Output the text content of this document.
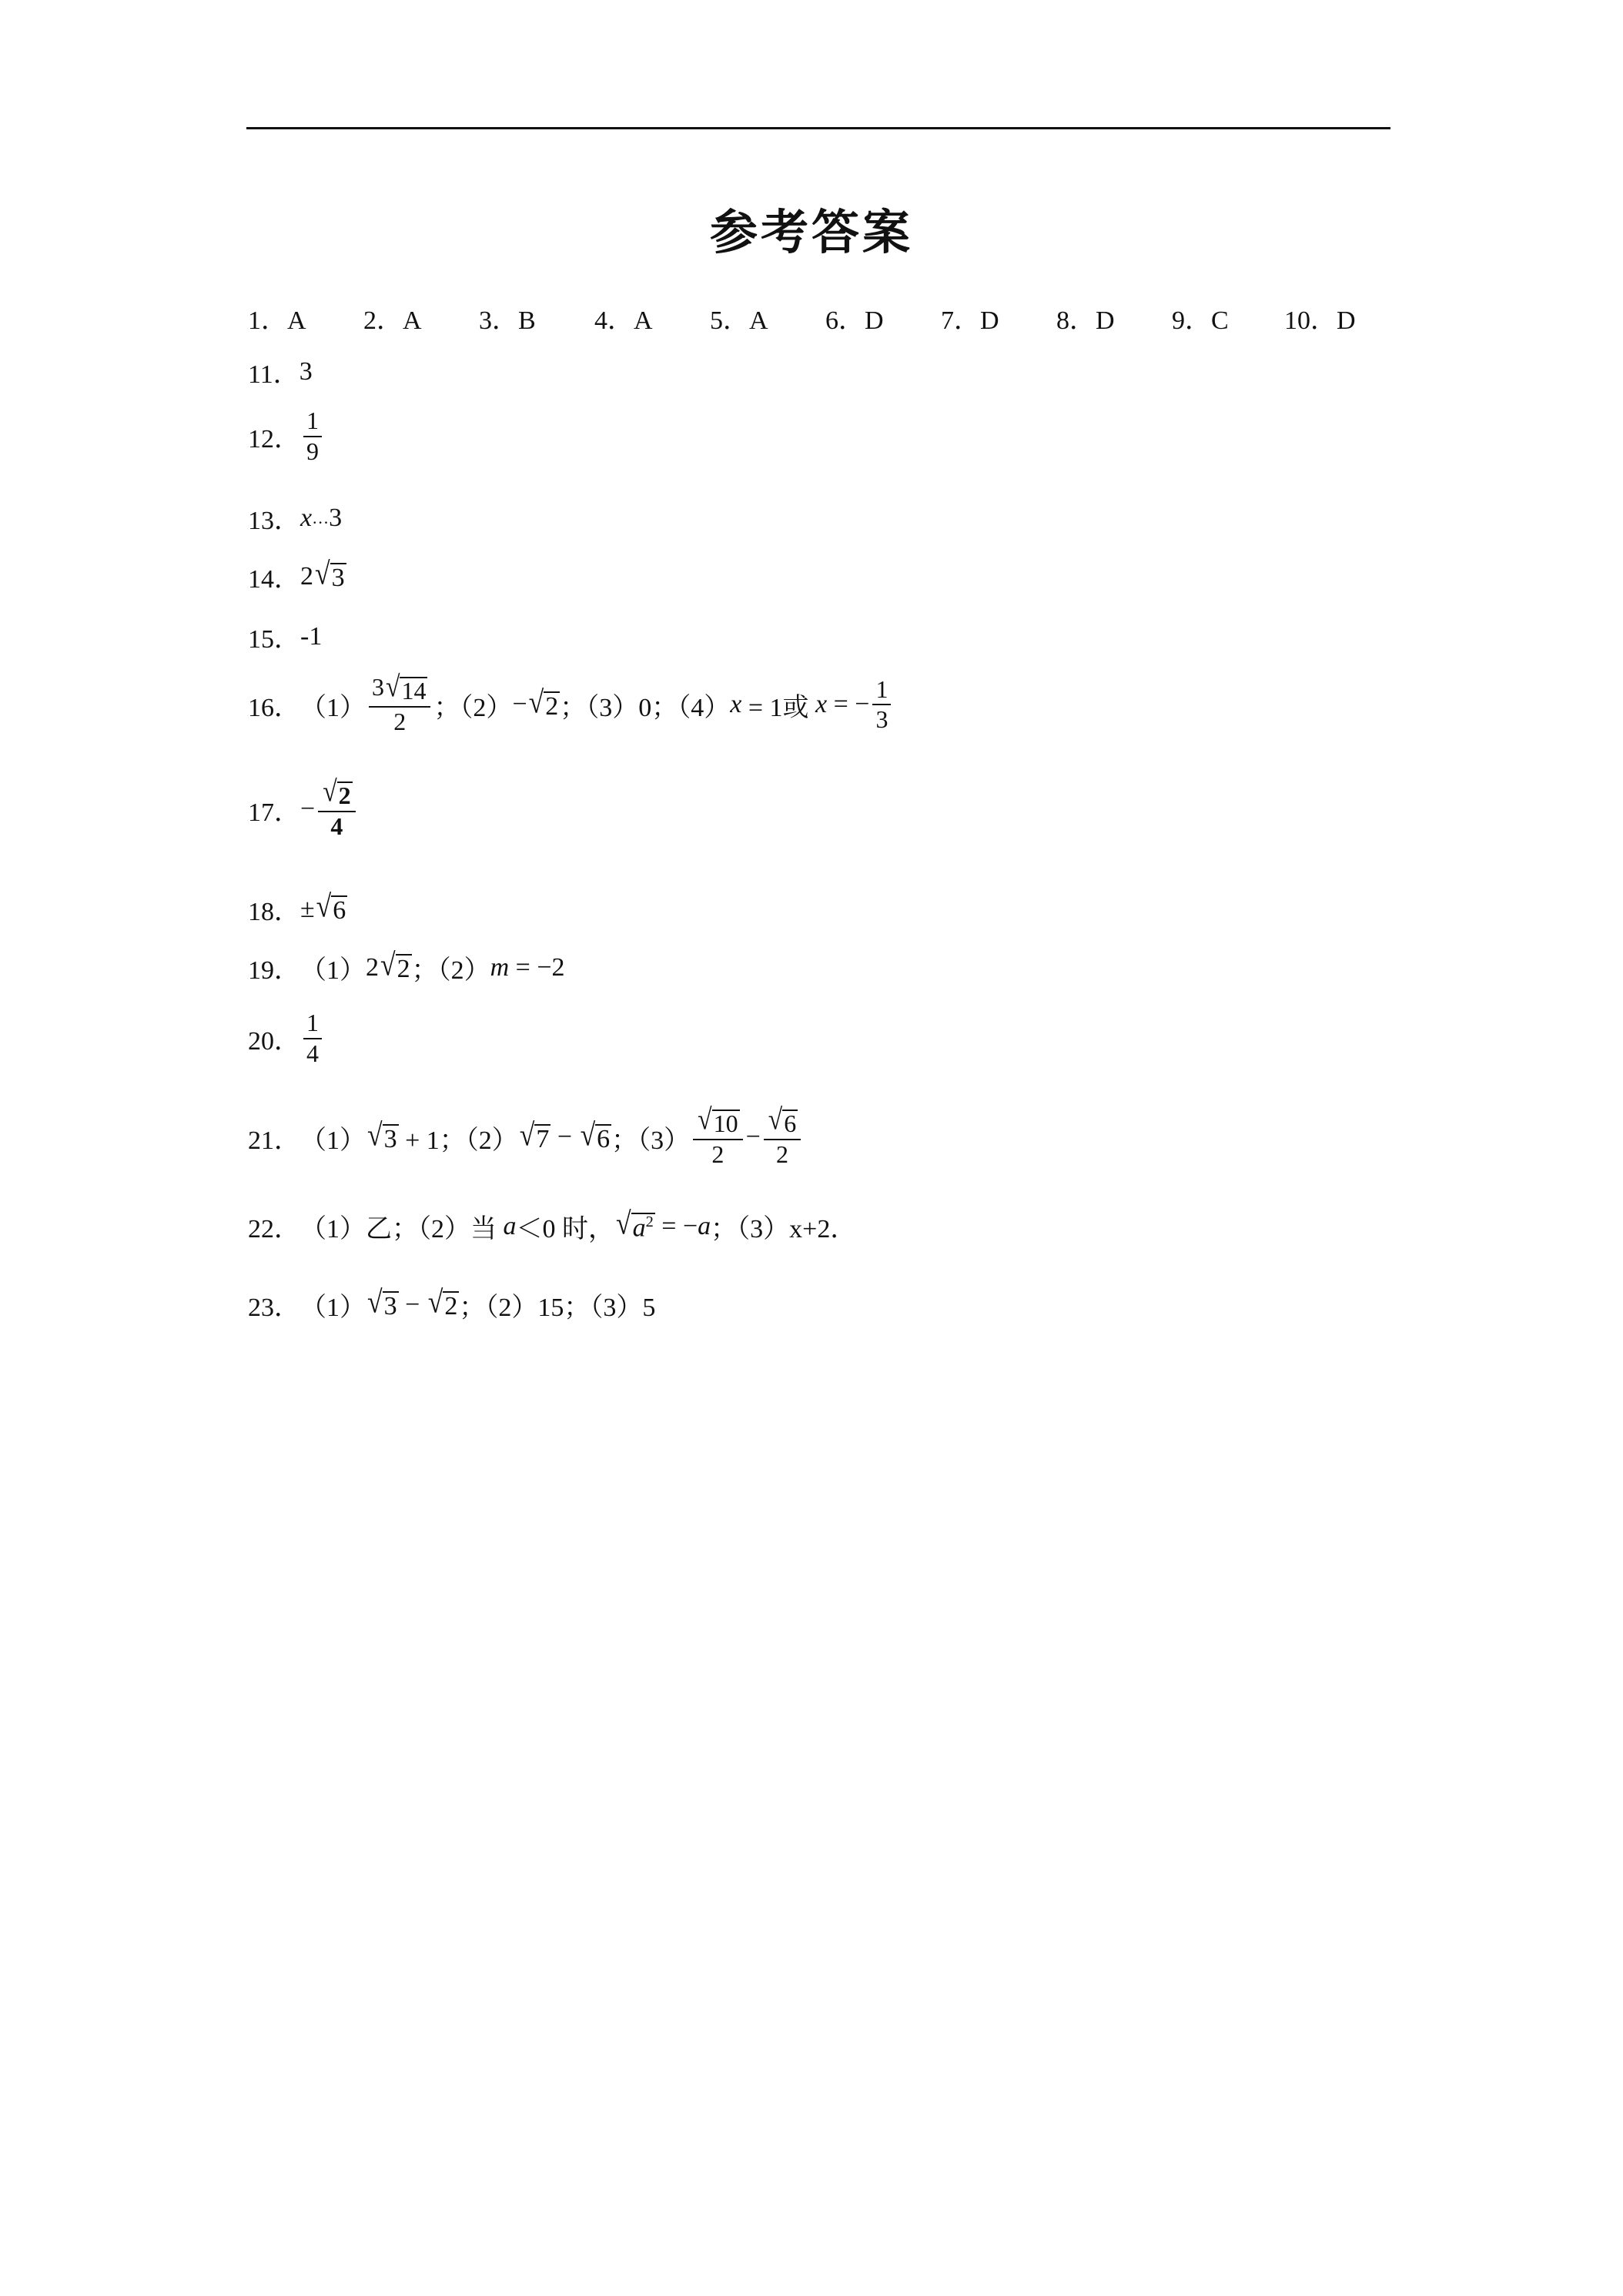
参考答案
1．A 2．A 3．B 4．A 5．A 6．D 7．D 8．D 9．C 10．D
11． 3
12． $\frac{1}{9}$
13． x … 3
14． 2 √ 3
15． -1
16． $(1) \frac{3 √ 14}{2}$ ；（2） − √ 2 ；（3）0；（4） x = 1或 x = − $\frac{1}{3}$
17． − $\frac{√ 2}{4}$
18． ± √ 6
19． （1） 2 √ 2 ；（2） m = −2
20． $\frac{1}{4}$
21． （1） √ 3 + 1；（2） √ 7 − √ 6 ；$(3) \frac{√ 10}{2} - \frac{√ 6}{2}$
22． （1）乙；（2）当 a ＜0 时， √ $a^2$ = − a ；（3）x+2．
23． （1） √ 3 − √ 2 ；（2）15；（3）5
